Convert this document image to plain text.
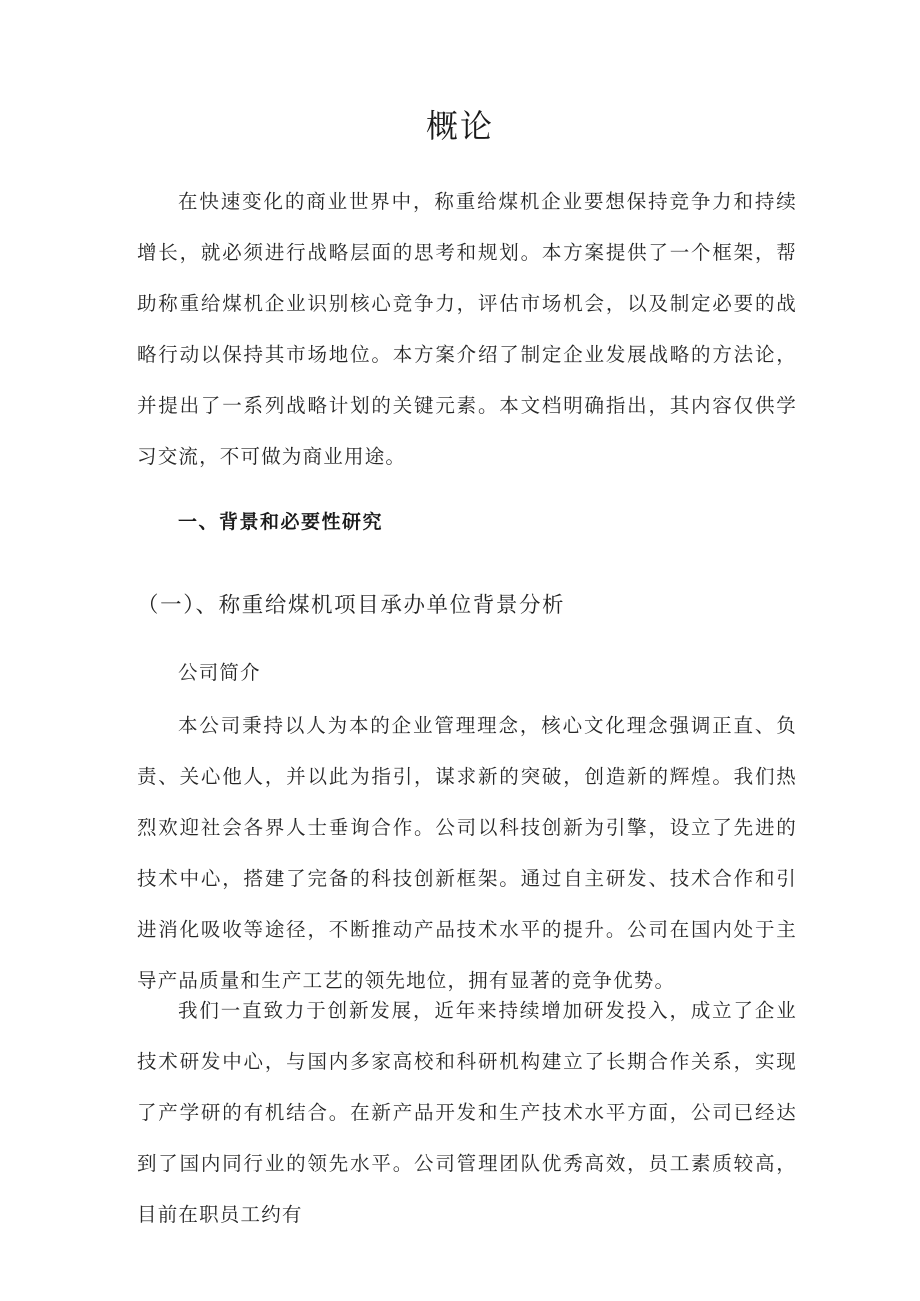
概论

在快速变化的商业世界中，称重给煤机企业要想保持竞争力和持续增长，就必须进行战略层面的思考和规划。本方案提供了一个框架，帮助称重给煤机企业识别核心竞争力，评估市场机会，以及制定必要的战略行动以保持其市场地位。本方案介绍了制定企业发展战略的方法论，并提出了一系列战略计划的关键元素。本文档明确指出，其内容仅供学习交流，不可做为商业用途。

一、背景和必要性研究
（一）、称重给煤机项目承办单位背景分析
公司简介

本公司秉持以人为本的企业管理理念，核心文化理念强调正直、负责、关心他人，并以此为指引，谋求新的突破，创造新的辉煌。我们热烈欢迎社会各界人士垂询合作。公司以科技创新为引擎，设立了先进的技术中心，搭建了完备的科技创新框架。通过自主研发、技术合作和引进消化吸收等途径，不断推动产品技术水平的提升。公司在国内处于主导产品质量和生产工艺的领先地位，拥有显著的竞争优势。

我们一直致力于创新发展，近年来持续增加研发投入，成立了企业技术研发中心，与国内多家高校和科研机构建立了长期合作关系，实现了产学研的有机结合。在新产品开发和生产技术水平方面，公司已经达到了国内同行业的领先水平。公司管理团队优秀高效，员工素质较高，目前在职员工约有
